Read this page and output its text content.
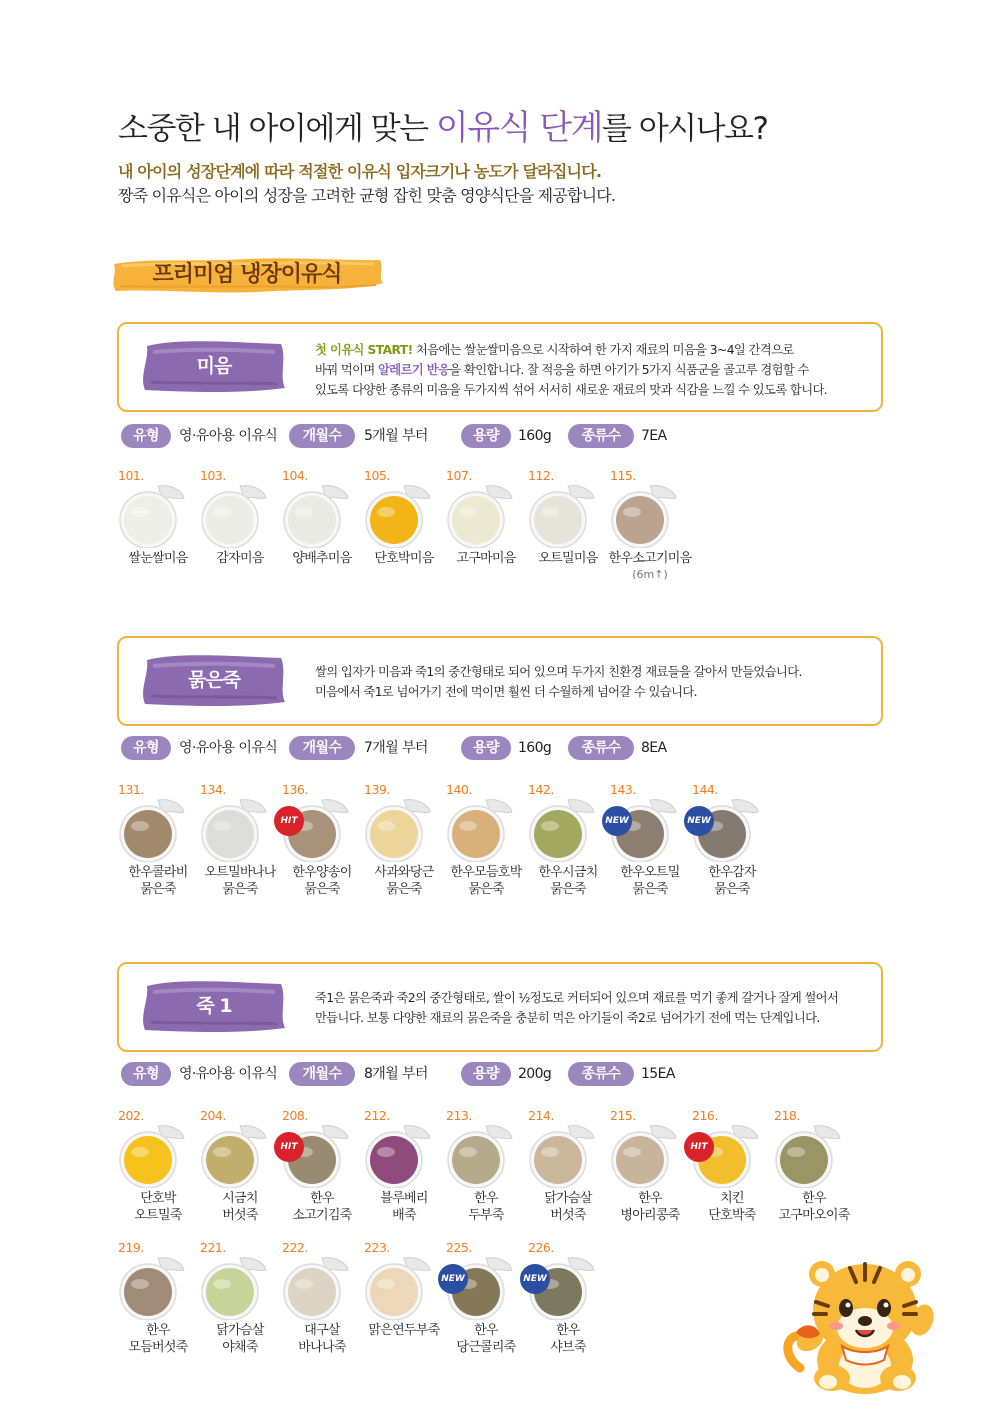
소중한 내 아이에게 맞는 이유식 단계를 아시나요?
내 아이의 성장단계에 따라 적절한 이유식 입자크기나 농도가 달라집니다.
짱죽 이유식은 아이의 성장을 고려한 균형 잡힌 맞춤 영양식단을 제공합니다.
프리미엄 냉장이유식
미음
첫 이유식 START! 처음에는 쌀눈쌀미음으로 시작하여 한 가지 재료의 미음을 3~4일 간격으로
바꿔 먹이며 알레르기 반응을 확인합니다. 잘 적응을 하면 아기가 5가지 식품군을 골고루 경험할 수
있도록 다양한 종류의 미음을 두가지씩 섞어 서서히 새로운 재료의 맛과 식감을 느낄 수 있도록 합니다.
유형	영·유아용 이유식	개월수	5개월 부터	용량	160g	종류수	7EA
101.
쌀눈쌀미음
103.
감자미음
104.
양배추미음
105.
단호박미음
107.
고구마미음
112.
오트밀미음
115.
한우소고기미음
(6m↑)
묽은죽	쌀의 입자가 미음과 죽1의 중간형태로 되어 있으며 두가지 친환경 재료들을 갈아서 만들었습니다.
미음에서 죽1로 넘어가기 전에 먹이면 훨씬 더 수월하게 넘어갈 수 있습니다.
유형	영·유아용 이유식	개월수	7개월 부터	용량	160g	종류수	8EA
131.
한우콜라비
묽은죽
134.
오트밀바나나
묽은죽
136.
HIT
한우양송이
묽은죽
139.
사과와당근
묽은죽
140.
한우모듬호박
묽은죽
142.
한우시금치
묽은죽
143.
NEW
한우오트밀
묽은죽
144.
NEW
한우감자
묽은죽
죽 1	죽1은 묽은죽과 죽2의 중간형태로, 쌀이 ½정도로 커터되어 있으며 재료를 먹기 좋게 갈거나 잘게 썰어서
만듭니다. 보통 다양한 재료의 묽은죽을 충분히 먹은 아기들이 죽2로 넘어가기 전에 먹는 단계입니다.
유형	영·유아용 이유식	개월수	8개월 부터	용량	200g	종류수	15EA
202.
단호박
오트밀죽
204.
시금치
버섯죽
208.
HIT
한우
소고기김죽
212.
블루베리
배죽
213.
한우
두부죽
214.
닭가슴살
버섯죽
215.
한우
병아리콩죽
216.
HIT
치킨
단호박죽
218.
한우
고구마오이죽
219.
한우
모듬버섯죽
221.
닭가슴살
야채죽
222.
대구살
바나나죽
223.
맑은연두부죽
225.
NEW
한우
당근콜리죽
226.
NEW
한우
샤브죽
